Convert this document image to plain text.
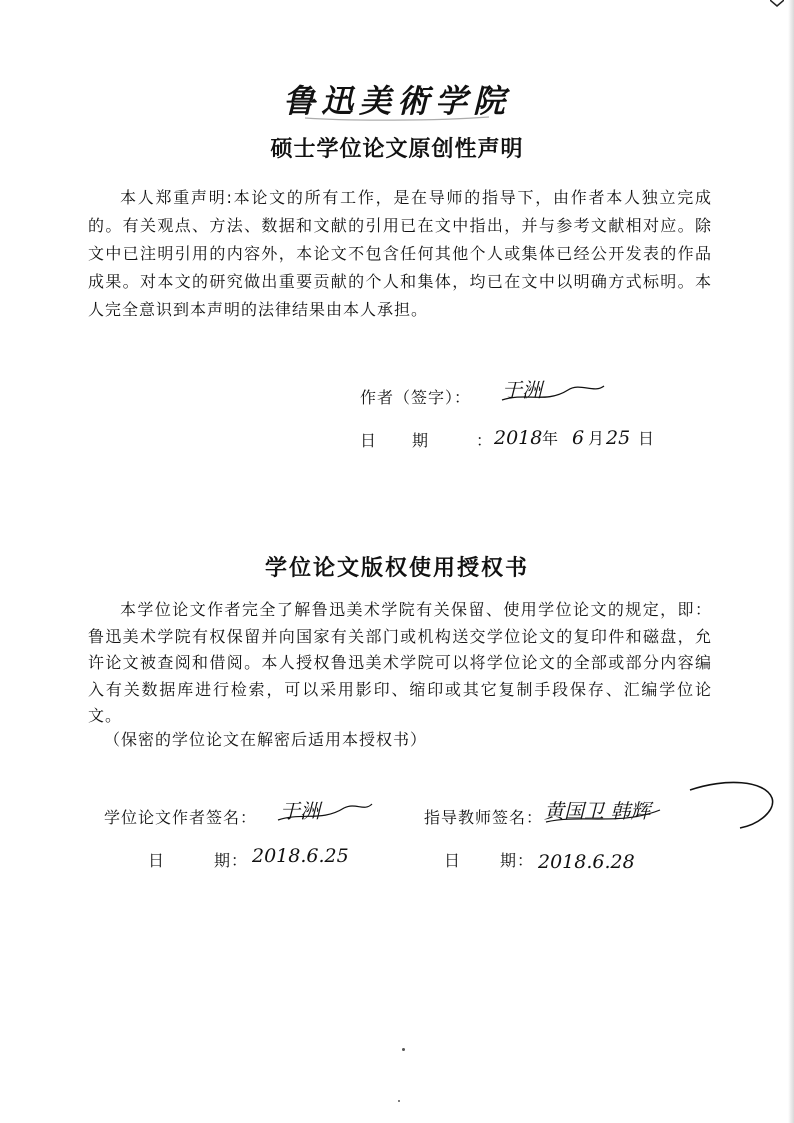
鲁迅美術学院
硕士学位论文原创性声明
本人郑重声明:本论文的所有工作，是在导师的指导下，由作者本人独立完成的。有关观点、方法、数据和文献的引用已在文中指出，并与参考文献相对应。除文中已注明引用的内容外，本论文不包含任何其他个人或集体已经公开发表的作品成果。对本文的研究做出重要贡献的个人和集体，均已在文中以明确方式标明。本人完全意识到本声明的法律结果由本人承担。
作者（签字）： 于洲
日 期	： 2018 年 6 月 25 日
学位论文版权使用授权书
本学位论文作者完全了解鲁迅美术学院有关保留、使用学位论文的规定，即：鲁迅美术学院有权保留并向国家有关部门或机构送交学位论文的复印件和磁盘，允许论文被查阅和借阅。本人授权鲁迅美术学院可以将学位论文的全部或部分内容编入有关数据库进行检索，可以采用影印、缩印或其它复制手段保存、汇编学位论文。
（保密的学位论文在解密后适用本授权书）
学位论文作者签名： 于洲	指导教师签名： 黄国卫 韩辉
日	期： 2018.6.25	日 期： 2018.6.28
